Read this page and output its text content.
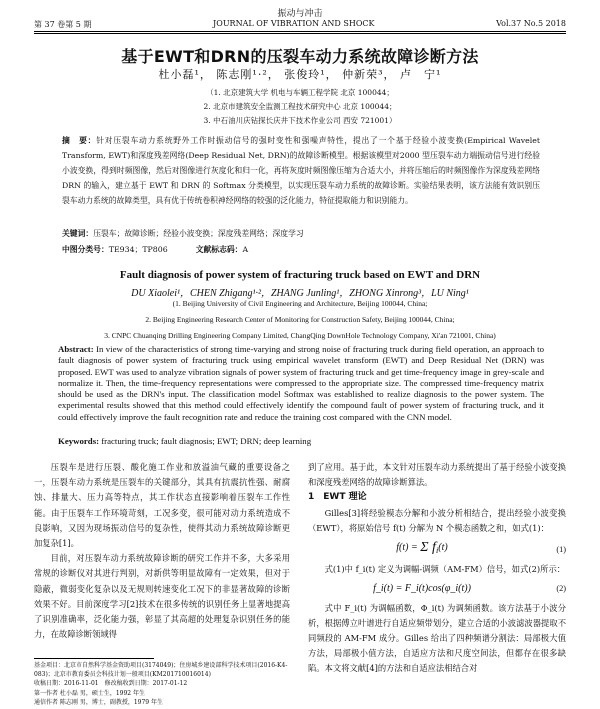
振动与冲击
第 37 卷第 5 期	JOURNAL OF VIBRATION AND SHOCK	Vol.37 No.5 2018
基于EWT和DRN的压裂车动力系统故障诊断方法
杜小磊¹， 陈志刚¹·²， 张俊玲¹， 仲新荣³， 卢　宁¹
（1. 北京建筑大学 机电与车辆工程学院 北京 100044；
2. 北京市建筑安全监测工程技术研究中心 北京 100044；
3. 中石油川庆钻探长庆井下技术作业公司 西安 721001）
摘　要：针对压裂车动力系统野外工作时振动信号的强时变性和强噪声特性，提出了一个基于经验小波变换(Empirical Wavelet Transform, EWT)和深度残差网络(Deep Residual Net, DRN)的故障诊断模型。根据该模型对2000 型压裂车动力端振动信号进行经验小波变换，得到时频图像，然后对图像进行灰度化和归一化，再将灰度时频图像压缩为合适大小，并将压缩后的时频图像作为深度残差网络 DRN 的输入，建立基于 EWT 和 DRN 的 Softmax 分类模型，以实现压裂车动力系统的故障诊断。实验结果表明，该方法能有效识别压裂车动力系统的故障类型，具有优于传统卷积神经网络的较强的泛化能力，特征提取能力和识别能力。
关键词：压裂车；故障诊断；经验小波变换；深度残差网络；深度学习
中图分类号：TE934；TP806	文献标志码：A
Fault diagnosis of power system of fracturing truck based on EWT and DRN
DU Xiaolei¹，CHEN Zhigang¹·²，ZHANG Junling¹，ZHONG Xinrong³，LU Ning¹
(1. Beijing University of Civil Engineering and Architecture, Beijing 100044, China;
2. Beijing Engineering Research Center of Monitoring for Construction Safety, Beijing 100044, China;
3. CNPC Chuanqing Drilling Engineering Company Limited, ChangQing DownHole Technology Company, Xi'an 721001, China)
Abstract: In view of the characteristics of strong time-varying and strong noise of fracturing truck during field operation, an approach to fault diagnosis of power system of fracturing truck using empirical wavelet transform (EWT) and Deep Residual Net (DRN) was proposed. EWT was used to analyze vibration signals of power system of fracturing truck and get time-frequency image in grey-scale and normalize it. Then, the time-frequency representations were compressed to the appropriate size. The compressed time-frequency matrix should be used as the DRN's input. The classification model Softmax was established to realize diagnosis to the power system. The experimental results showed that this method could effectively identify the compound fault of power system of fracturing truck, and it could effectively improve the fault recognition rate and reduce the training cost compared with the CNN model.
Keywords: fracturing truck; fault diagnosis; EWT; DRN; deep learning

压裂车是进行压裂、酸化施工作业和放溢油气藏的重要设备之一，压裂车动力系统是压裂车的关键部分，其具有抗震抗性强、耐腐蚀、排量大、压力高等特点，其工作状态直接影响着压裂车工作性能。由于压裂车工作环境苛刻，工况多变，很可能对动力系统造成不良影响，又因为现场振动信号的复杂性，使得其动力系统故障诊断更加复杂[1]。

目前，对压裂车动力系统故障诊断的研究工作并不多，大多采用常规的诊断仪对其进行判别，对新供等明显故障有一定效果，但对于隐蔽，微弱变化复杂以及无规则转速变化工况下的非显著故障的诊断效果不好。目前深度学习[2]技术在很多传统的识别任务上显著地提高了识别准确率，泛化能力强，彰显了其高超的处理复杂识别任务的能力，在故障诊断领域得

到了应用。基于此，本文针对压裂车动力系统提出了基于经验小波变换和深度残差网络的故障诊断算法。

1　EWT 理论

Gilles[3]将经验模态分解和小波分析相结合，提出经验小波变换（EWT），将原始信号 f(t) 分解为 N 个模态函数之和，如式(1)：

f(t) = Σ $f_i(t)$	(1)

式(1)中 f_i(t) 定义为调幅-调频（AM-FM）信号，如式(2)所示：

f_i(t) = F_i(t)cos(φ_i(t))	(2)

式中 F_i(t) 为调幅函数，Φ_i(t) 为调频函数。该方法基于小波分析，根据傅立叶谱进行自适应频带划分，建立合适的小波滤波器提取不同频段的 AM-FM 成分。Gilles 给出了四种频谱分割法：局部极大值方法，局部极小值方法，自适应方法和尺度空间法，但都存在很多缺陷。本文将文献[4]的方法和自适应法相结合对

基金项目：北京市自然科学基金资助项目(3174049)；住房城乡建设部科学技术项目(2016-K4-083)；北京市教育委员会科技计划一般项目(KM201710016014)
收稿日期：2016-11-01　修改稿收到日期：2017-01-12
第一作者 杜小磊 男，硕士生，1992 年生
通信作者 陈志刚 男，博士，副教授，1979 年生
